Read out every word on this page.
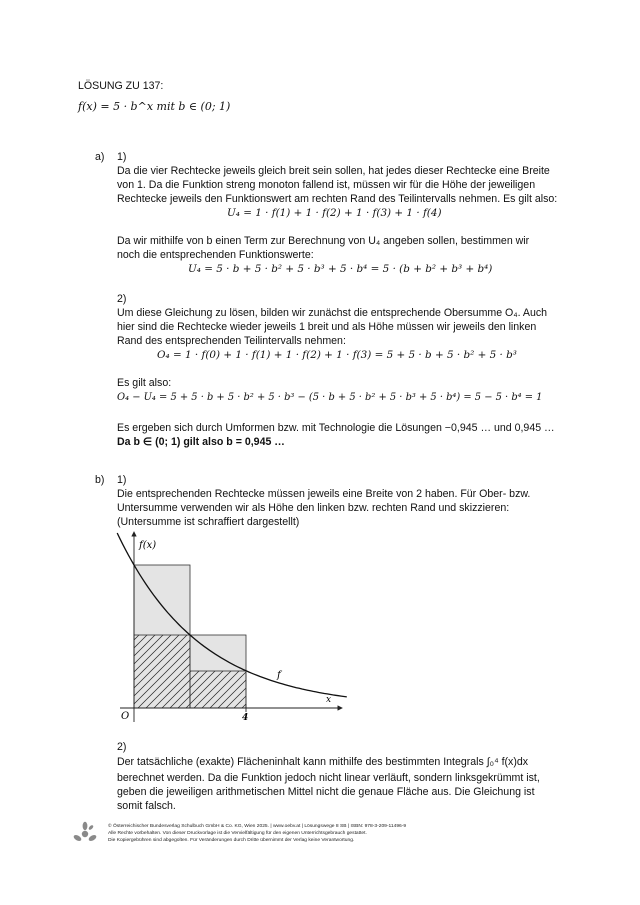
LÖSUNG ZU 137:
f(x) = 5 · b^x mit b ∈ (0; 1)
a) 1)
Da die vier Rechtecke jeweils gleich breit sein sollen, hat jedes dieser Rechtecke eine Breite
von 1. Da die Funktion streng monoton fallend ist, müssen wir für die Höhe der jeweiligen
Rechtecke jeweils den Funktionswert am rechten Rand des Teilintervalls nehmen. Es gilt also:
U₄ = 1 · f(1) + 1 · f(2) + 1 · f(3) + 1 · f(4)
Da wir mithilfe von b einen Term zur Berechnung von U₄ angeben sollen, bestimmen wir
noch die entsprechenden Funktionswerte:
U₄ = 5 · b + 5 · b² + 5 · b³ + 5 · b⁴ = 5 · (b + b² + b³ + b⁴)
2)
Um diese Gleichung zu lösen, bilden wir zunächst die entsprechende Obersumme O₄. Auch
hier sind die Rechtecke wieder jeweils 1 breit und als Höhe müssen wir jeweils den linken
Rand des entsprechenden Teilintervalls nehmen:
O₄ = 1 · f(0) + 1 · f(1) + 1 · f(2) + 1 · f(3) = 5 + 5 · b + 5 · b² + 5 · b³
Es gilt also:
O₄ − U₄ = 5 + 5 · b + 5 · b² + 5 · b³ − (5 · b + 5 · b² + 5 · b³ + 5 · b⁴) = 5 − 5 · b⁴ = 1
Es ergeben sich durch Umformen bzw. mit Technologie die Lösungen −0,945 … und 0,945 …
Da b ∈ (0; 1) gilt also b = 0,945 …
b) 1)
Die entsprechenden Rechtecke müssen jeweils eine Breite von 2 haben. Für Ober- bzw.
Untersumme verwenden wir als Höhe den linken bzw. rechten Rand und skizzieren:
(Untersumme ist schraffiert dargestellt)
f(x)
x
O	4
f
2)
Der tatsächliche (exakte) Flächeninhalt kann mithilfe des bestimmten Integrals ∫₀⁴ f(x)dx
berechnet werden. Da die Funktion jedoch nicht linear verläuft, sondern linksgekrümmt ist,
geben die jeweiligen arithmetischen Mittel nicht die genaue Fläche aus. Die Gleichung ist
somit falsch.
© Österreichischer Bundesverlag Schulbuch GmbH & Co. KG, Wien 2025. | www.oebv.at | Lösungswege 8 SB | ISBN: 978-3-209-11496-9
Alle Rechte vorbehalten. Von dieser Druckvorlage ist die Vervielfältigung für den eigenen Unterrichtsgebrauch gestattet.
Die Kopiergebühren sind abgegolten. Für Veränderungen durch Dritte übernimmt der Verlag keine Verantwortung.
